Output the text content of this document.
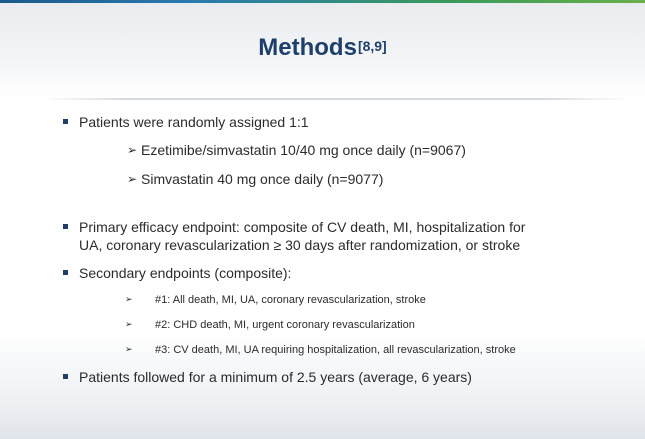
Methods[8,9]
Patients were randomly assigned 1:1
➢ Ezetimibe/simvastatin 10/40 mg once daily (n=9067)
➢ Simvastatin 40 mg once daily (n=9077)
Primary efficacy endpoint: composite of CV death, MI, hospitalization for
UA, coronary revascularization ≥ 30 days after randomization, or stroke
Secondary endpoints (composite):
➢ #1: All death, MI, UA, coronary revascularization, stroke
➢ #2: CHD death, MI, urgent coronary revascularization
➢ #3: CV death, MI, UA requiring hospitalization, all revascularization, stroke
Patients followed for a minimum of 2.5 years (average, 6 years)
